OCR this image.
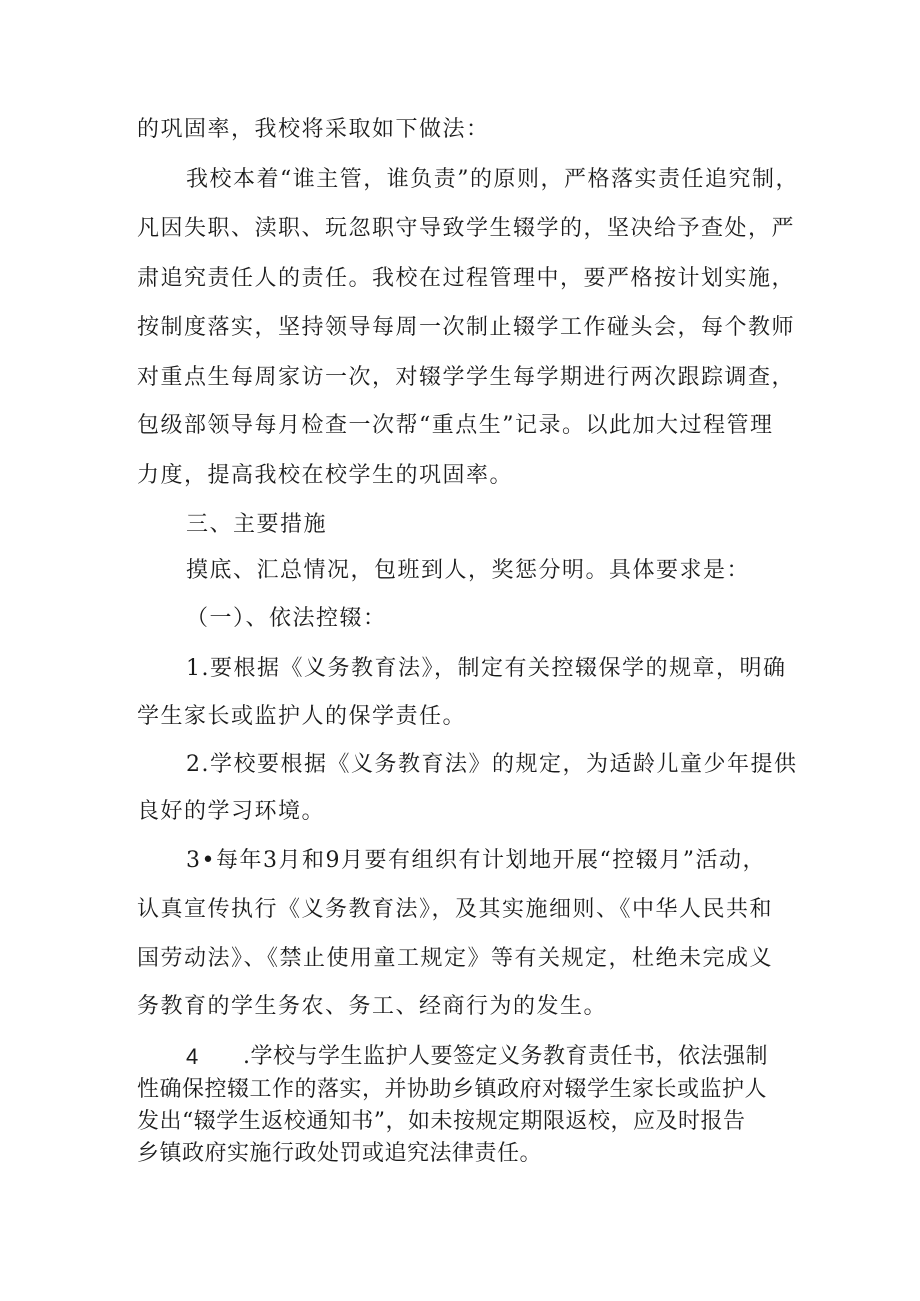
的巩固率，我校将采取如下做法：
我校本着“谁主管，谁负责”的原则，严格落实责任追究制，
凡因失职、渎职、玩忽职守导致学生辍学的，坚决给予查处，严
肃追究责任人的责任。我校在过程管理中，要严格按计划实施，
按制度落实，坚持领导每周一次制止辍学工作碰头会，每个教师
对重点生每周家访一次，对辍学学生每学期进行两次跟踪调查，
包级部领导每月检查一次帮“重点生”记录。以此加大过程管理
力度，提高我校在校学生的巩固率。
三、主要措施
摸底、汇总情况，包班到人，奖惩分明。具体要求是：
（一）、依法控辍：
1.要根据《义务教育法》，制定有关控辍保学的规章，明确
学生家长或监护人的保学责任。
2.学校要根据《义务教育法》的规定，为适龄儿童少年提供
良好的学习环境。
3•每年3月和9月要有组织有计划地开展“控辍月”活动，
认真宣传执行《义务教育法》，及其实施细则、《中华人民共和
国劳动法》、《禁止使用童工规定》等有关规定，杜绝未完成义
务教育的学生务农、务工、经商行为的发生。
4 .学校与学生监护人要签定义务教育责任书，依法强制
性确保控辍工作的落实，并协助乡镇政府对辍学生家长或监护人
发出“辍学生返校通知书”，如未按规定期限返校，应及时报告
乡镇政府实施行政处罚或追究法律责任。
